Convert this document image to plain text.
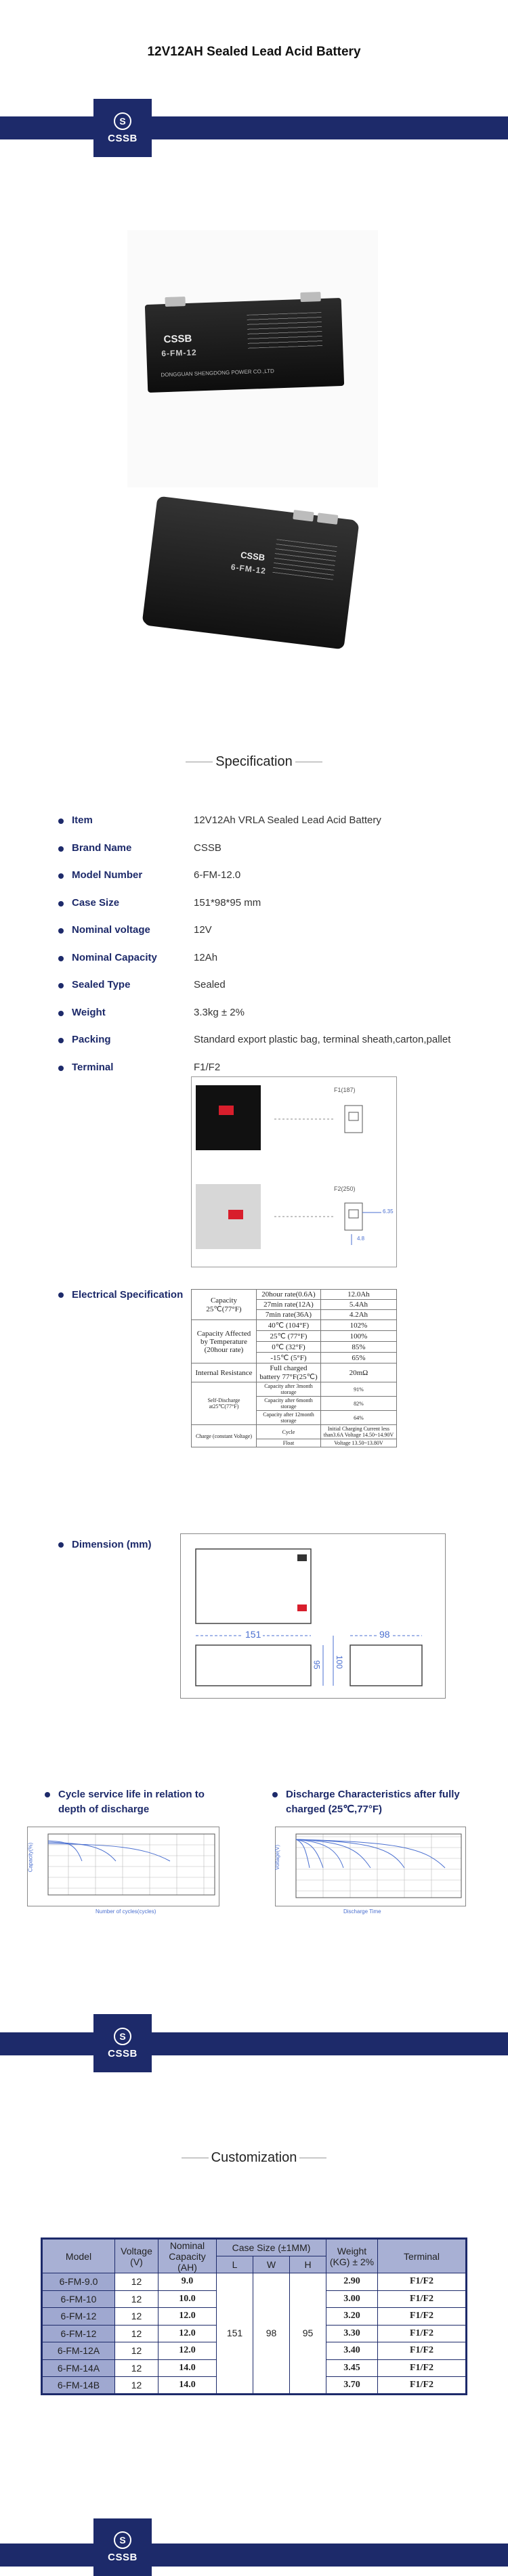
12V12AH Sealed Lead Acid Battery
S
CSSB
CSSB
6-FM-12
DONGGUAN SHENGDONG POWER CO.,LTD
CSSB
6-FM-12
Specification
Item	12V12Ah VRLA Sealed Lead Acid Battery
Brand Name	CSSB
Model Number	6-FM-12.0
Case Size	151*98*95 mm
Nominal voltage	12V
Nominal Capacity	12Ah
Sealed Type	Sealed
Weight	3.3kg ± 2%
Packing	Standard export plastic bag, terminal sheath,carton,pallet
Terminal	F1/F2
F1(187)
F2(250)
6.35
4.8
Electrical Specification	Capacity 25℃(77°F)	20hour rate(0.6A)	12.0Ah
	27min rate(12A)	5.4Ah
	7min rate(36A)	4.2Ah
Capacity Affected by Temperature (20hour rate)	40℃ (104°F)	102%
	25℃ (77°F)	100%
	0℃ (32°F)	85%
	-15℃ (5°F)	65%
Internal Resistance	Full charged battery 77°F(25℃)	20mΩ
Self-Discharge at25℃(77°F)	Capacity after 3month storage	91%
	Capacity after 6month storage	82%
	Capacity after 12month storage	64%
Charge (constant Voltage)	Cycle	Initial Charging Current less than3.6A Voltage 14.50~14.90V
	Float	Voltage 13.50~13.80V
Dimension (mm)
151	98
95 100
Cycle service life in relation to depth of discharge
Discharge Characteristics after fully charged (25℃,77°F)
Number of cycles(cycles)
Capacity(%)
Discharge Time
Voltage(V)
S
CSSB
Customization
Model	Voltage (V)	Nominal Capacity (AH)	Case Size (±1MM)			Weight (KG) ± 2%	Terminal
			L	W	H		
6-FM-9.0	12	9.0	151	98	95	2.90	F1/F2
6-FM-10	12	10.0				3.00	F1/F2
6-FM-12	12	12.0				3.20	F1/F2
6-FM-12	12	12.0				3.30	F1/F2
6-FM-12A	12	12.0				3.40	F1/F2
6-FM-14A	12	14.0				3.45	F1/F2
6-FM-14B	12	14.0				3.70	F1/F2
S
CSSB
